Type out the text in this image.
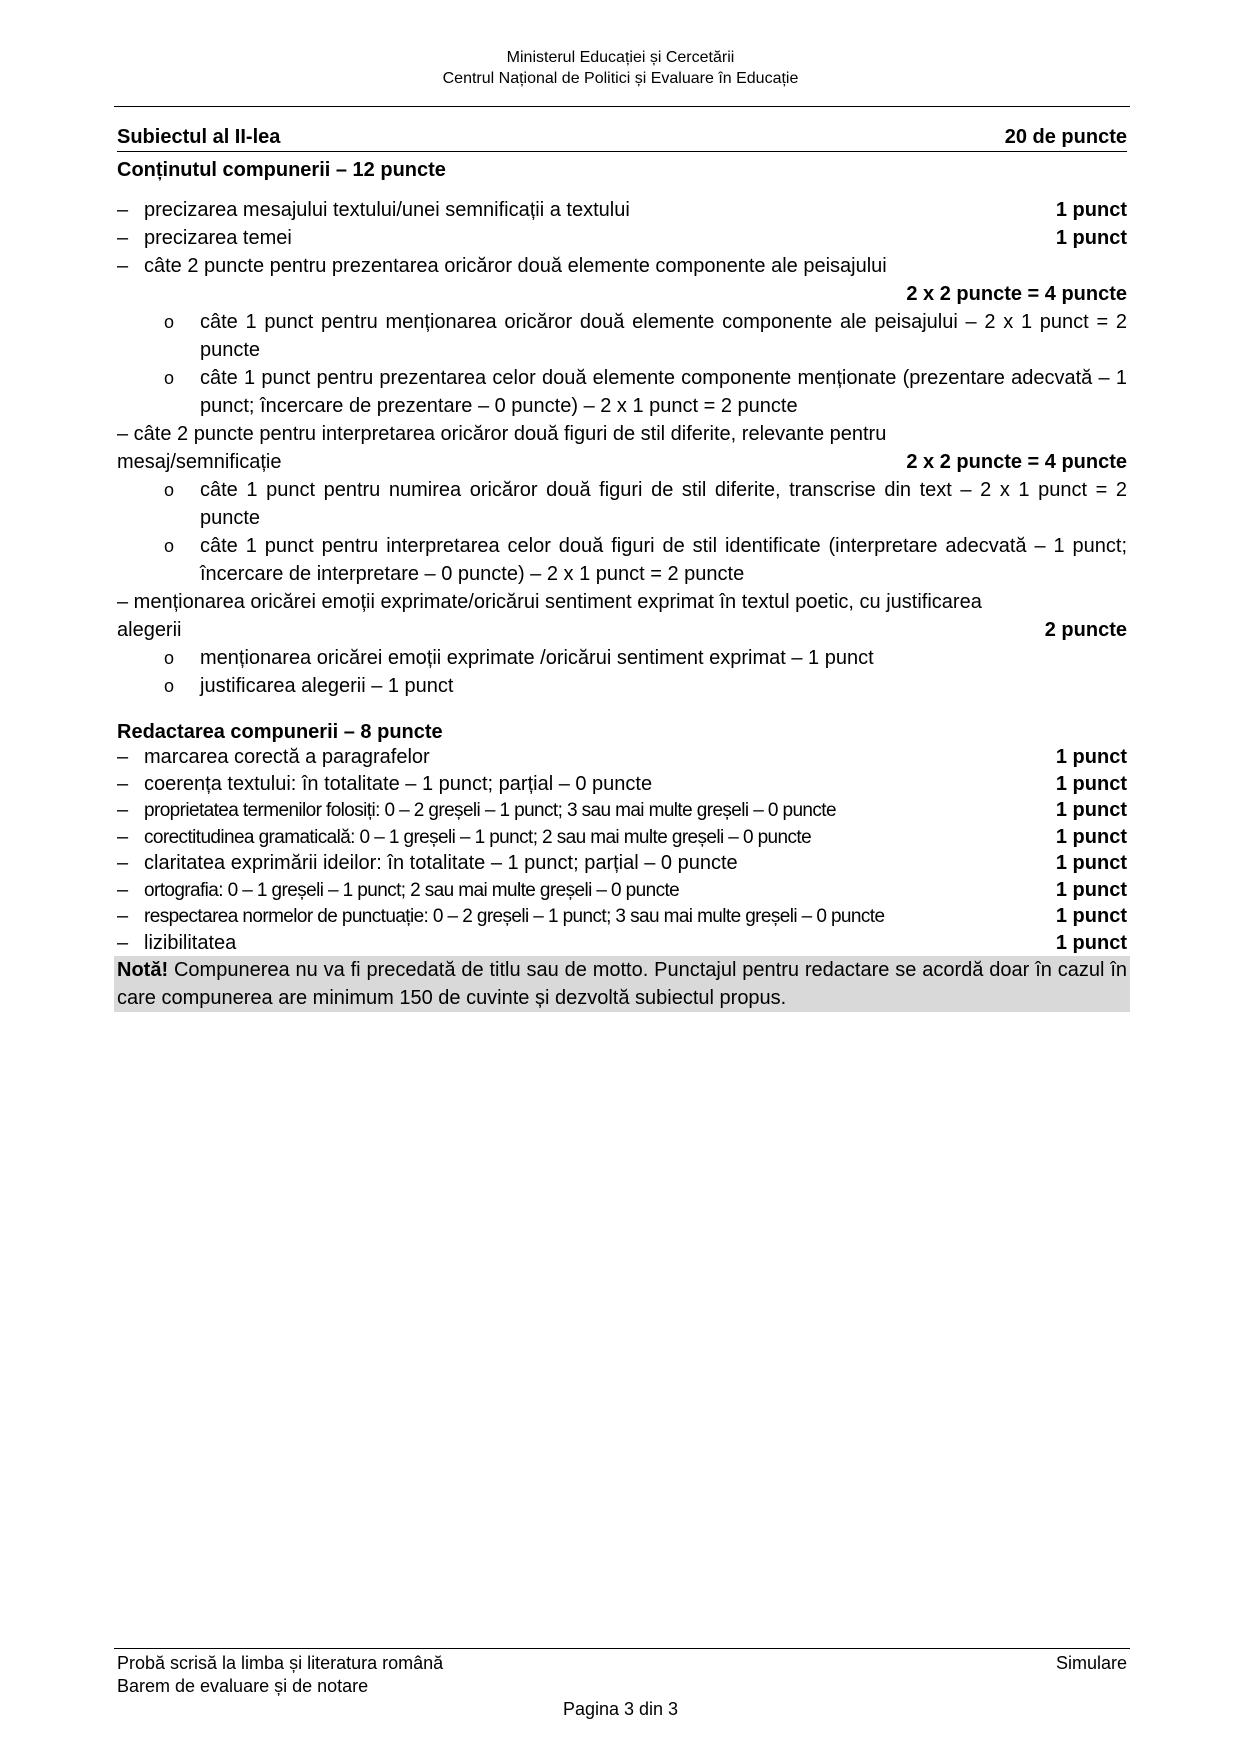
Ministerul Educației și Cercetării
Centrul Național de Politici și Evaluare în Educație
Subiectul al II-lea	20 de puncte
Conținutul compunerii – 12 puncte
– precizarea mesajului textului/unei semnificații a textului	1 punct
– precizarea temei	1 punct
– câte 2 puncte pentru prezentarea oricăror două elemente componente ale peisajului
2 x 2 puncte = 4 puncte
o	câte 1 punct pentru menționarea oricăror două elemente componente ale peisajului – 2 x 1 punct = 2 puncte
o	câte 1 punct pentru prezentarea celor două elemente componente menționate (prezentare adecvată – 1 punct; încercare de prezentare – 0 puncte) – 2 x 1 punct = 2 puncte
– câte 2 puncte pentru interpretarea oricăror două figuri de stil diferite, relevante pentru
mesaj/semnificație	2 x 2 puncte = 4 puncte
o	câte 1 punct pentru numirea oricăror două figuri de stil diferite, transcrise din text – 2 x 1 punct = 2 puncte
o	câte 1 punct pentru interpretarea celor două figuri de stil identificate (interpretare adecvată – 1 punct; încercare de interpretare – 0 puncte) – 2 x 1 punct = 2 puncte
– menționarea oricărei emoții exprimate/oricărui sentiment exprimat în textul poetic, cu justificarea
alegerii	2 puncte
o	menționarea oricărei emoții exprimate /oricărui sentiment exprimat – 1 punct
o	justificarea alegerii – 1 punct
Redactarea compunerii – 8 puncte
– marcarea corectă a paragrafelor	1 punct
– coerența textului: în totalitate – 1 punct; parțial – 0 puncte	1 punct
– proprietatea termenilor folosiți: 0 – 2 greșeli – 1 punct; 3 sau mai multe greșeli – 0 puncte	1 punct
– corectitudinea gramaticală: 0 – 1 greșeli – 1 punct; 2 sau mai multe greșeli – 0 puncte	1 punct
– claritatea exprimării ideilor: în totalitate – 1 punct; parțial – 0 puncte	1 punct
– ortografia: 0 – 1 greșeli – 1 punct; 2 sau mai multe greșeli – 0 puncte	1 punct
– respectarea normelor de punctuație: 0 – 2 greșeli – 1 punct; 3 sau mai multe greșeli – 0 puncte	1 punct
– lizibilitatea	1 punct
Notă! Compunerea nu va fi precedată de titlu sau de motto. Punctajul pentru redactare se acordă doar în cazul în care compunerea are minimum 150 de cuvinte și dezvoltă subiectul propus.
Probă scrisă la limba și literatura română
Barem de evaluare și de notare
Simulare
Pagina 3 din 3
